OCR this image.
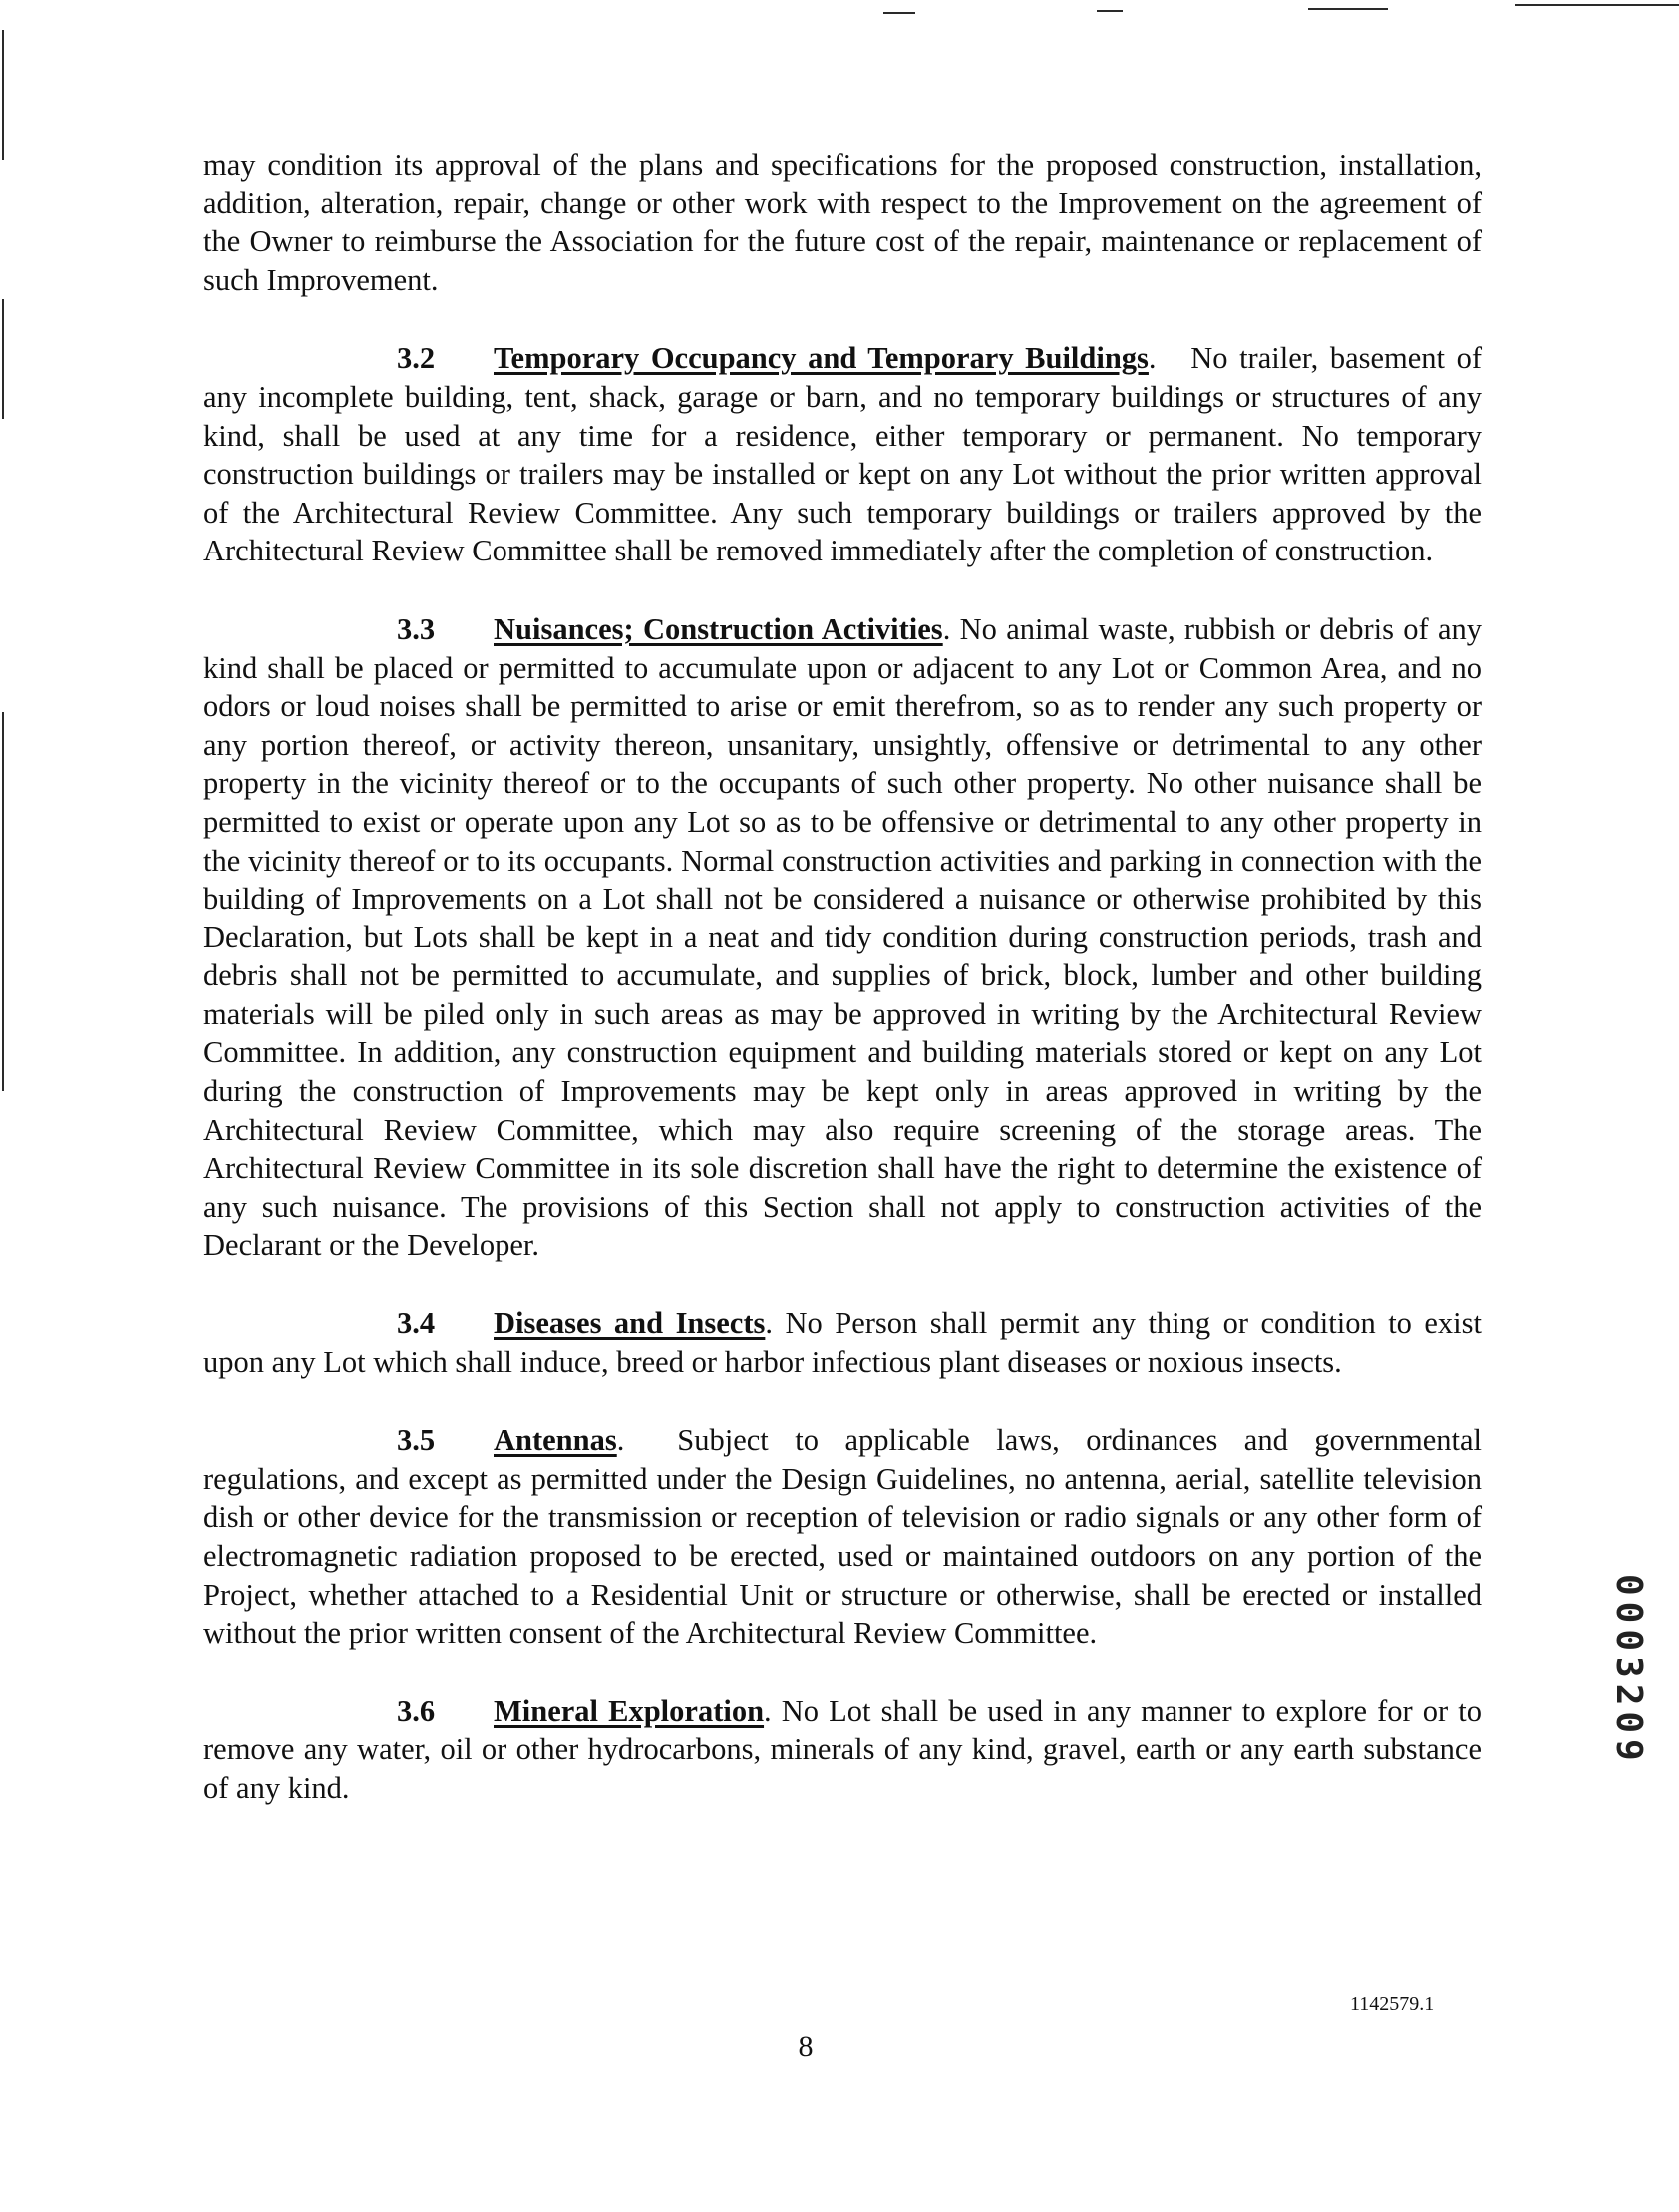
may condition its approval of the plans and specifications for the proposed construction, installation, addition, alteration, repair, change or other work with respect to the Improvement on the agreement of the Owner to reimburse the Association for the future cost of the repair, maintenance or replacement of such Improvement.

3.2 Temporary Occupancy and Temporary Buildings.   No trailer, basement of any incomplete building, tent, shack, garage or barn, and no temporary buildings or structures of any kind, shall be used at any time for a residence, either temporary or permanent. No temporary construction buildings or trailers may be installed or kept on any Lot without the prior written approval of the Architectural Review Committee. Any such temporary buildings or trailers approved by the Architectural Review Committee shall be removed immediately after the completion of construction.

3.3 Nuisances; Construction Activities. No animal waste, rubbish or debris of any kind shall be placed or permitted to accumulate upon or adjacent to any Lot or Common Area, and no odors or loud noises shall be permitted to arise or emit therefrom, so as to render any such property or any portion thereof, or activity thereon, unsanitary, unsightly, offensive or detrimental to any other property in the vicinity thereof or to the occupants of such other property. No other nuisance shall be permitted to exist or operate upon any Lot so as to be offensive or detrimental to any other property in the vicinity thereof or to its occupants. Normal construction activities and parking in connection with the building of Improvements on a Lot shall not be considered a nuisance or otherwise prohibited by this Declaration, but Lots shall be kept in a neat and tidy condition during construction periods, trash and debris shall not be permitted to accumulate, and supplies of brick, block, lumber and other building materials will be piled only in such areas as may be approved in writing by the Architectural Review Committee. In addition, any construction equipment and building materials stored or kept on any Lot during the construction of Improvements may be kept only in areas approved in writing by the Architectural Review Committee, which may also require screening of the storage areas. The Architectural Review Committee in its sole discretion shall have the right to determine the existence of any such nuisance. The provisions of this Section shall not apply to construction activities of the Declarant or the Developer.

3.4 Diseases and Insects. No Person shall permit any thing or condition to exist upon any Lot which shall induce, breed or harbor infectious plant diseases or noxious insects.

3.5 Antennas.  Subject to applicable laws, ordinances and governmental regulations, and except as permitted under the Design Guidelines, no antenna, aerial, satellite television dish or other device for the transmission or reception of television or radio signals or any other form of electromagnetic radiation proposed to be erected, used or maintained outdoors on any portion of the Project, whether attached to a Residential Unit or structure or otherwise, shall be erected or installed without the prior written consent of the Architectural Review Committee.

3.6 Mineral Exploration. No Lot shall be used in any manner to explore for or to remove any water, oil or other hydrocarbons, minerals of any kind, gravel, earth or any earth substance of any kind.

0003209
1142579.1
8
